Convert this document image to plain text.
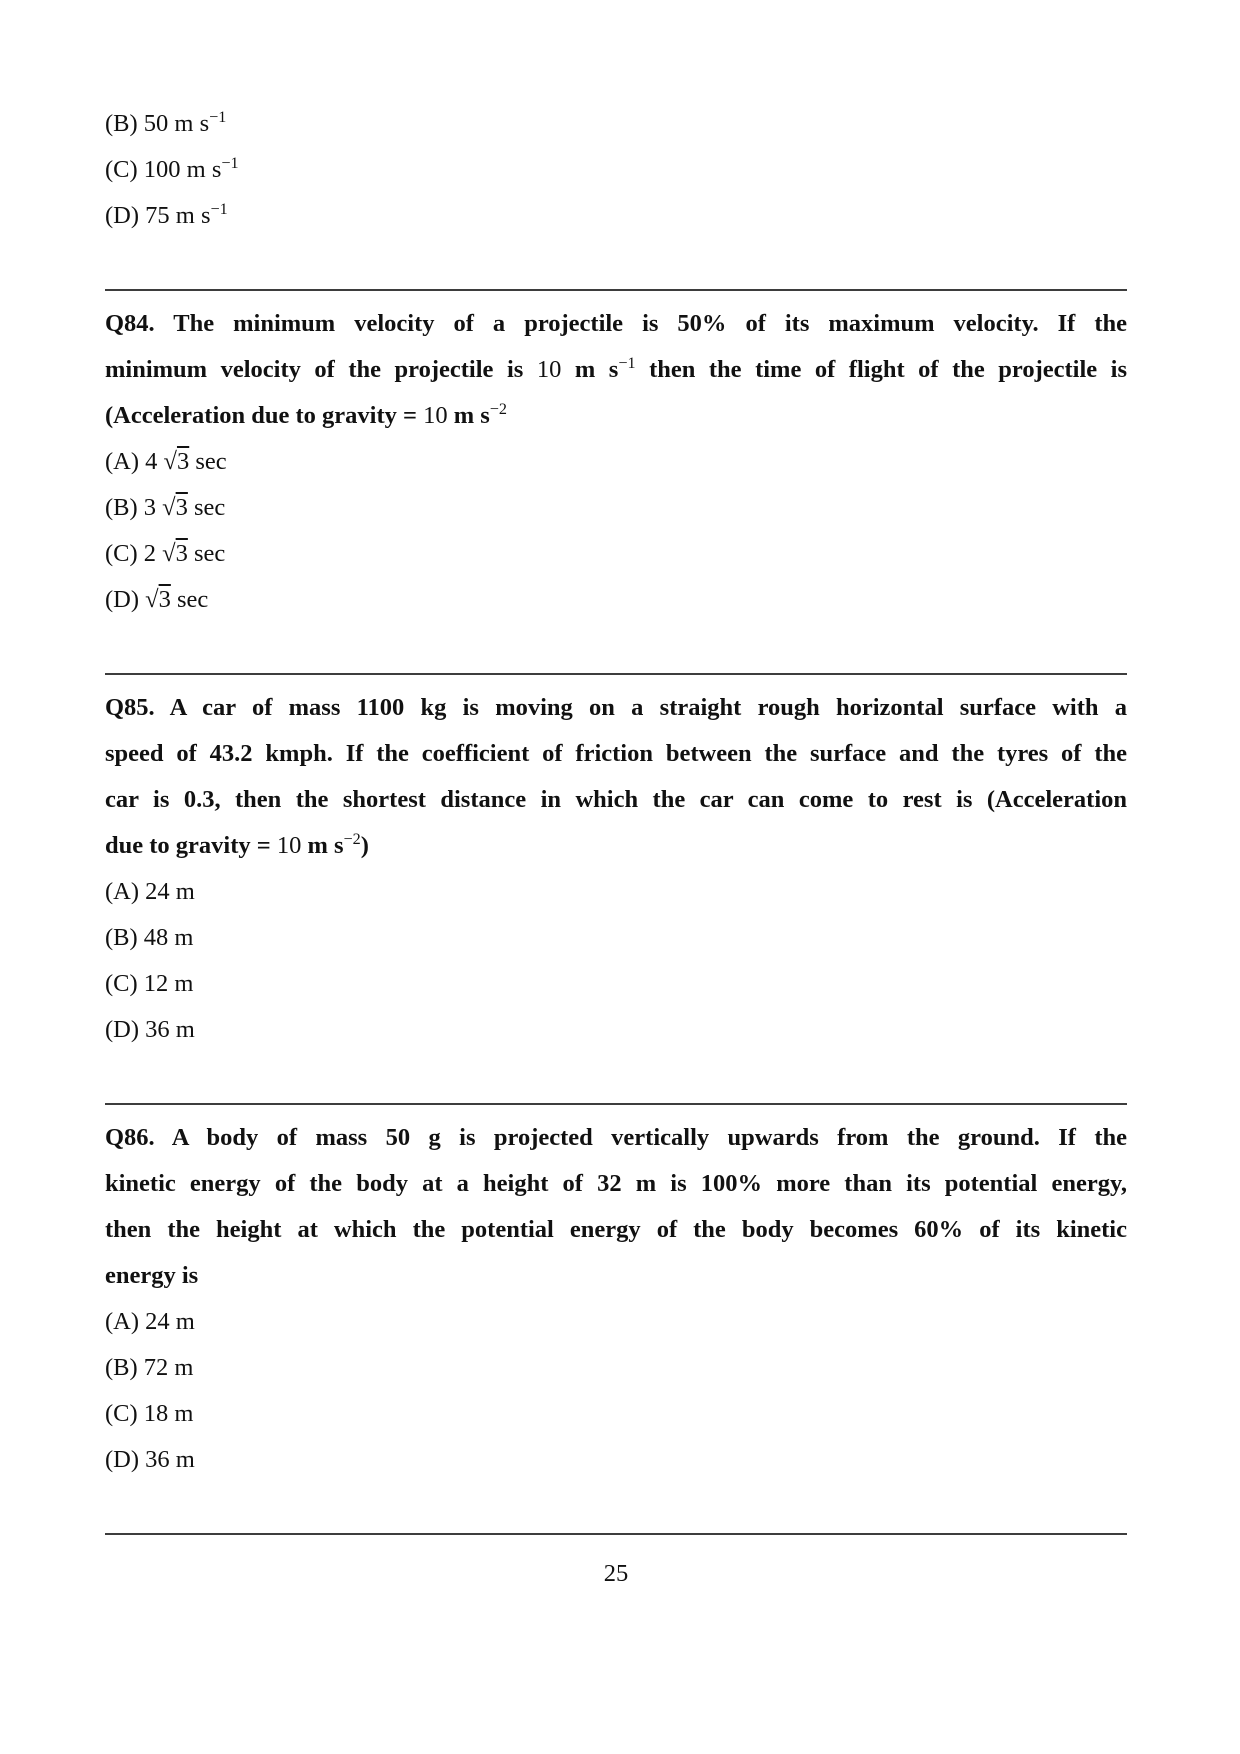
(B) 50 m $s^{-1}$
(C) 100 m $s^{-1}$
(D) 75 m $s^{-1}$
Q84. The minimum velocity of a projectile is 50% of its maximum velocity. If the
minimum velocity of the projectile is 10 m $s^{-1}$ then the time of flight of the projectile is
(Acceleration due to gravity = 10 m $s^{-2}$
(A) 4 √3 sec
(B) 3 √3 sec
(C) 2 √3 sec
(D) √3 sec
Q85. A car of mass 1100 kg is moving on a straight rough horizontal surface with a
speed of 43.2 kmph. If the coefficient of friction between the surface and the tyres of the
car is 0.3, then the shortest distance in which the car can come to rest is (Acceleration
due to gravity = 10 m $s^{-2}$)
(A) 24 m
(B) 48 m
(C) 12 m
(D) 36 m
Q86. A body of mass 50 g is projected vertically upwards from the ground. If the
kinetic energy of the body at a height of 32 m is 100% more than its potential energy,
then the height at which the potential energy of the body becomes 60% of its kinetic
energy is
(A) 24 m
(B) 72 m
(C) 18 m
(D) 36 m
25
